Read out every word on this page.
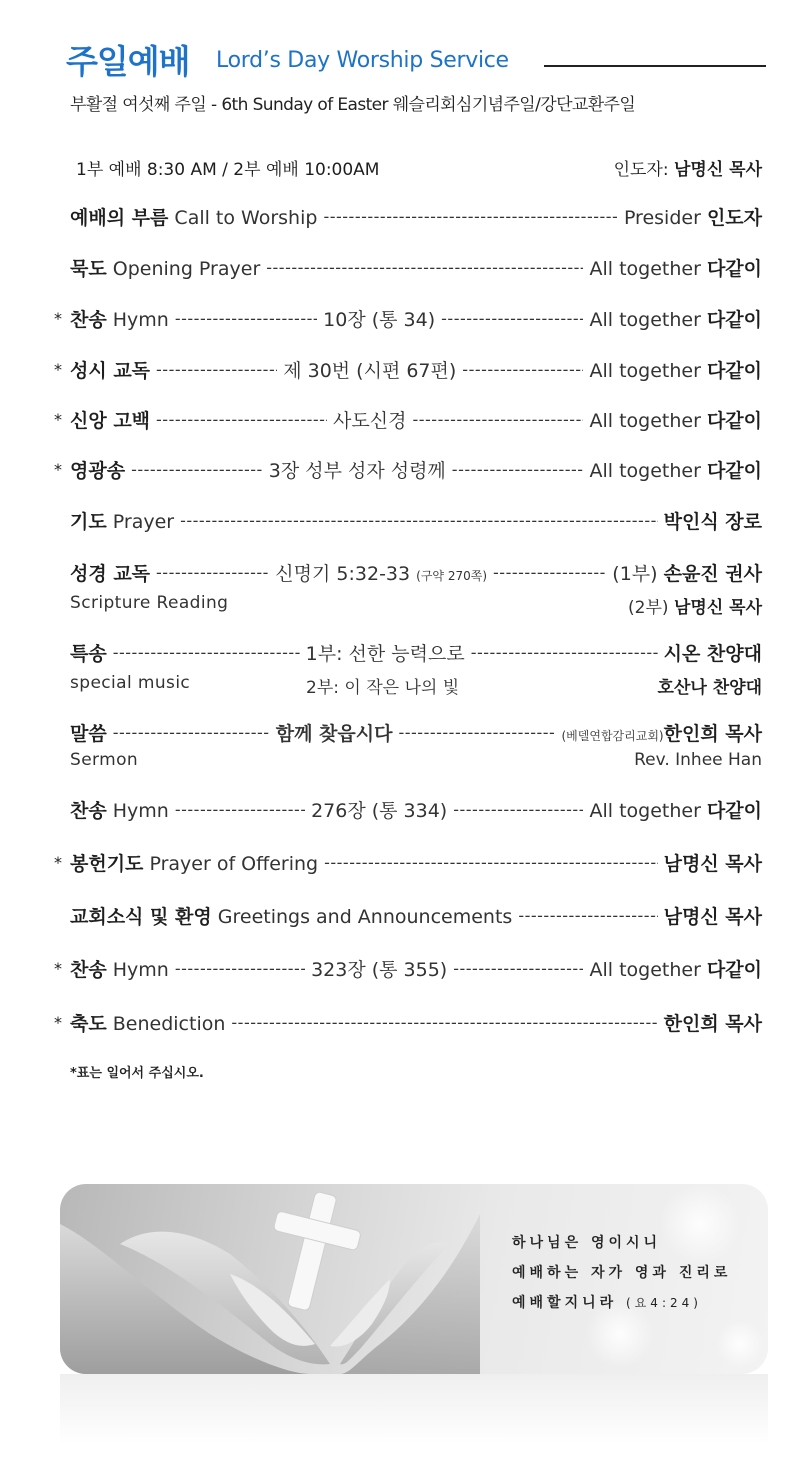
주일예배 Lord’s Day Worship Service
부활절 여섯째 주일 - 6th Sunday of Easter 웨슬리회심기념주일/강단교환주일
1부 예배 8:30 AM / 2부 예배 10:00AM	인도자: 남명신 목사
예배의 부름 Call to Worship -----	Presider 인도자
묵도 Opening Prayer -----	All together 다같이
* 찬송 Hymn -----	10장 (통 34) -----	All together 다같이
* 성시 교독 -----	제 30번 (시편 67편) -----	All together 다같이
* 신앙 고백 -----	사도신경 -----	All together 다같이
* 영광송 -----	3장 성부 성자 성령께 -----	All together 다같이
기도 Prayer -----	박인식 장로
성경 교독 -----	신명기 5:32-33 (구약 270쪽) -----	(1부) 손윤진 권사
Scripture Reading	(2부) 남명신 목사
특송 -----	1부: 선한 능력으로 -----	시온 찬양대
special music	2부: 이 작은 나의 빛	호산나 찬양대
말씀 -----	함께 찾읍시다 -----	(베델연합감리교회)한인희 목사
Sermon	Rev. Inhee Han
찬송 Hymn -----	276장 (통 334) -----	All together 다같이
* 봉헌기도 Prayer of Offering -----	남명신 목사
교회소식 및 환영 Greetings and Announcements -----	남명신 목사
* 찬송 Hymn -----	323장 (통 355) -----	All together 다같이
* 축도 Benediction -----	한인희 목사
*표는 일어서 주십시오.
하나님은 영이시니
예배하는 자가 영과 진리로
예배할지니라 (요4:24)
